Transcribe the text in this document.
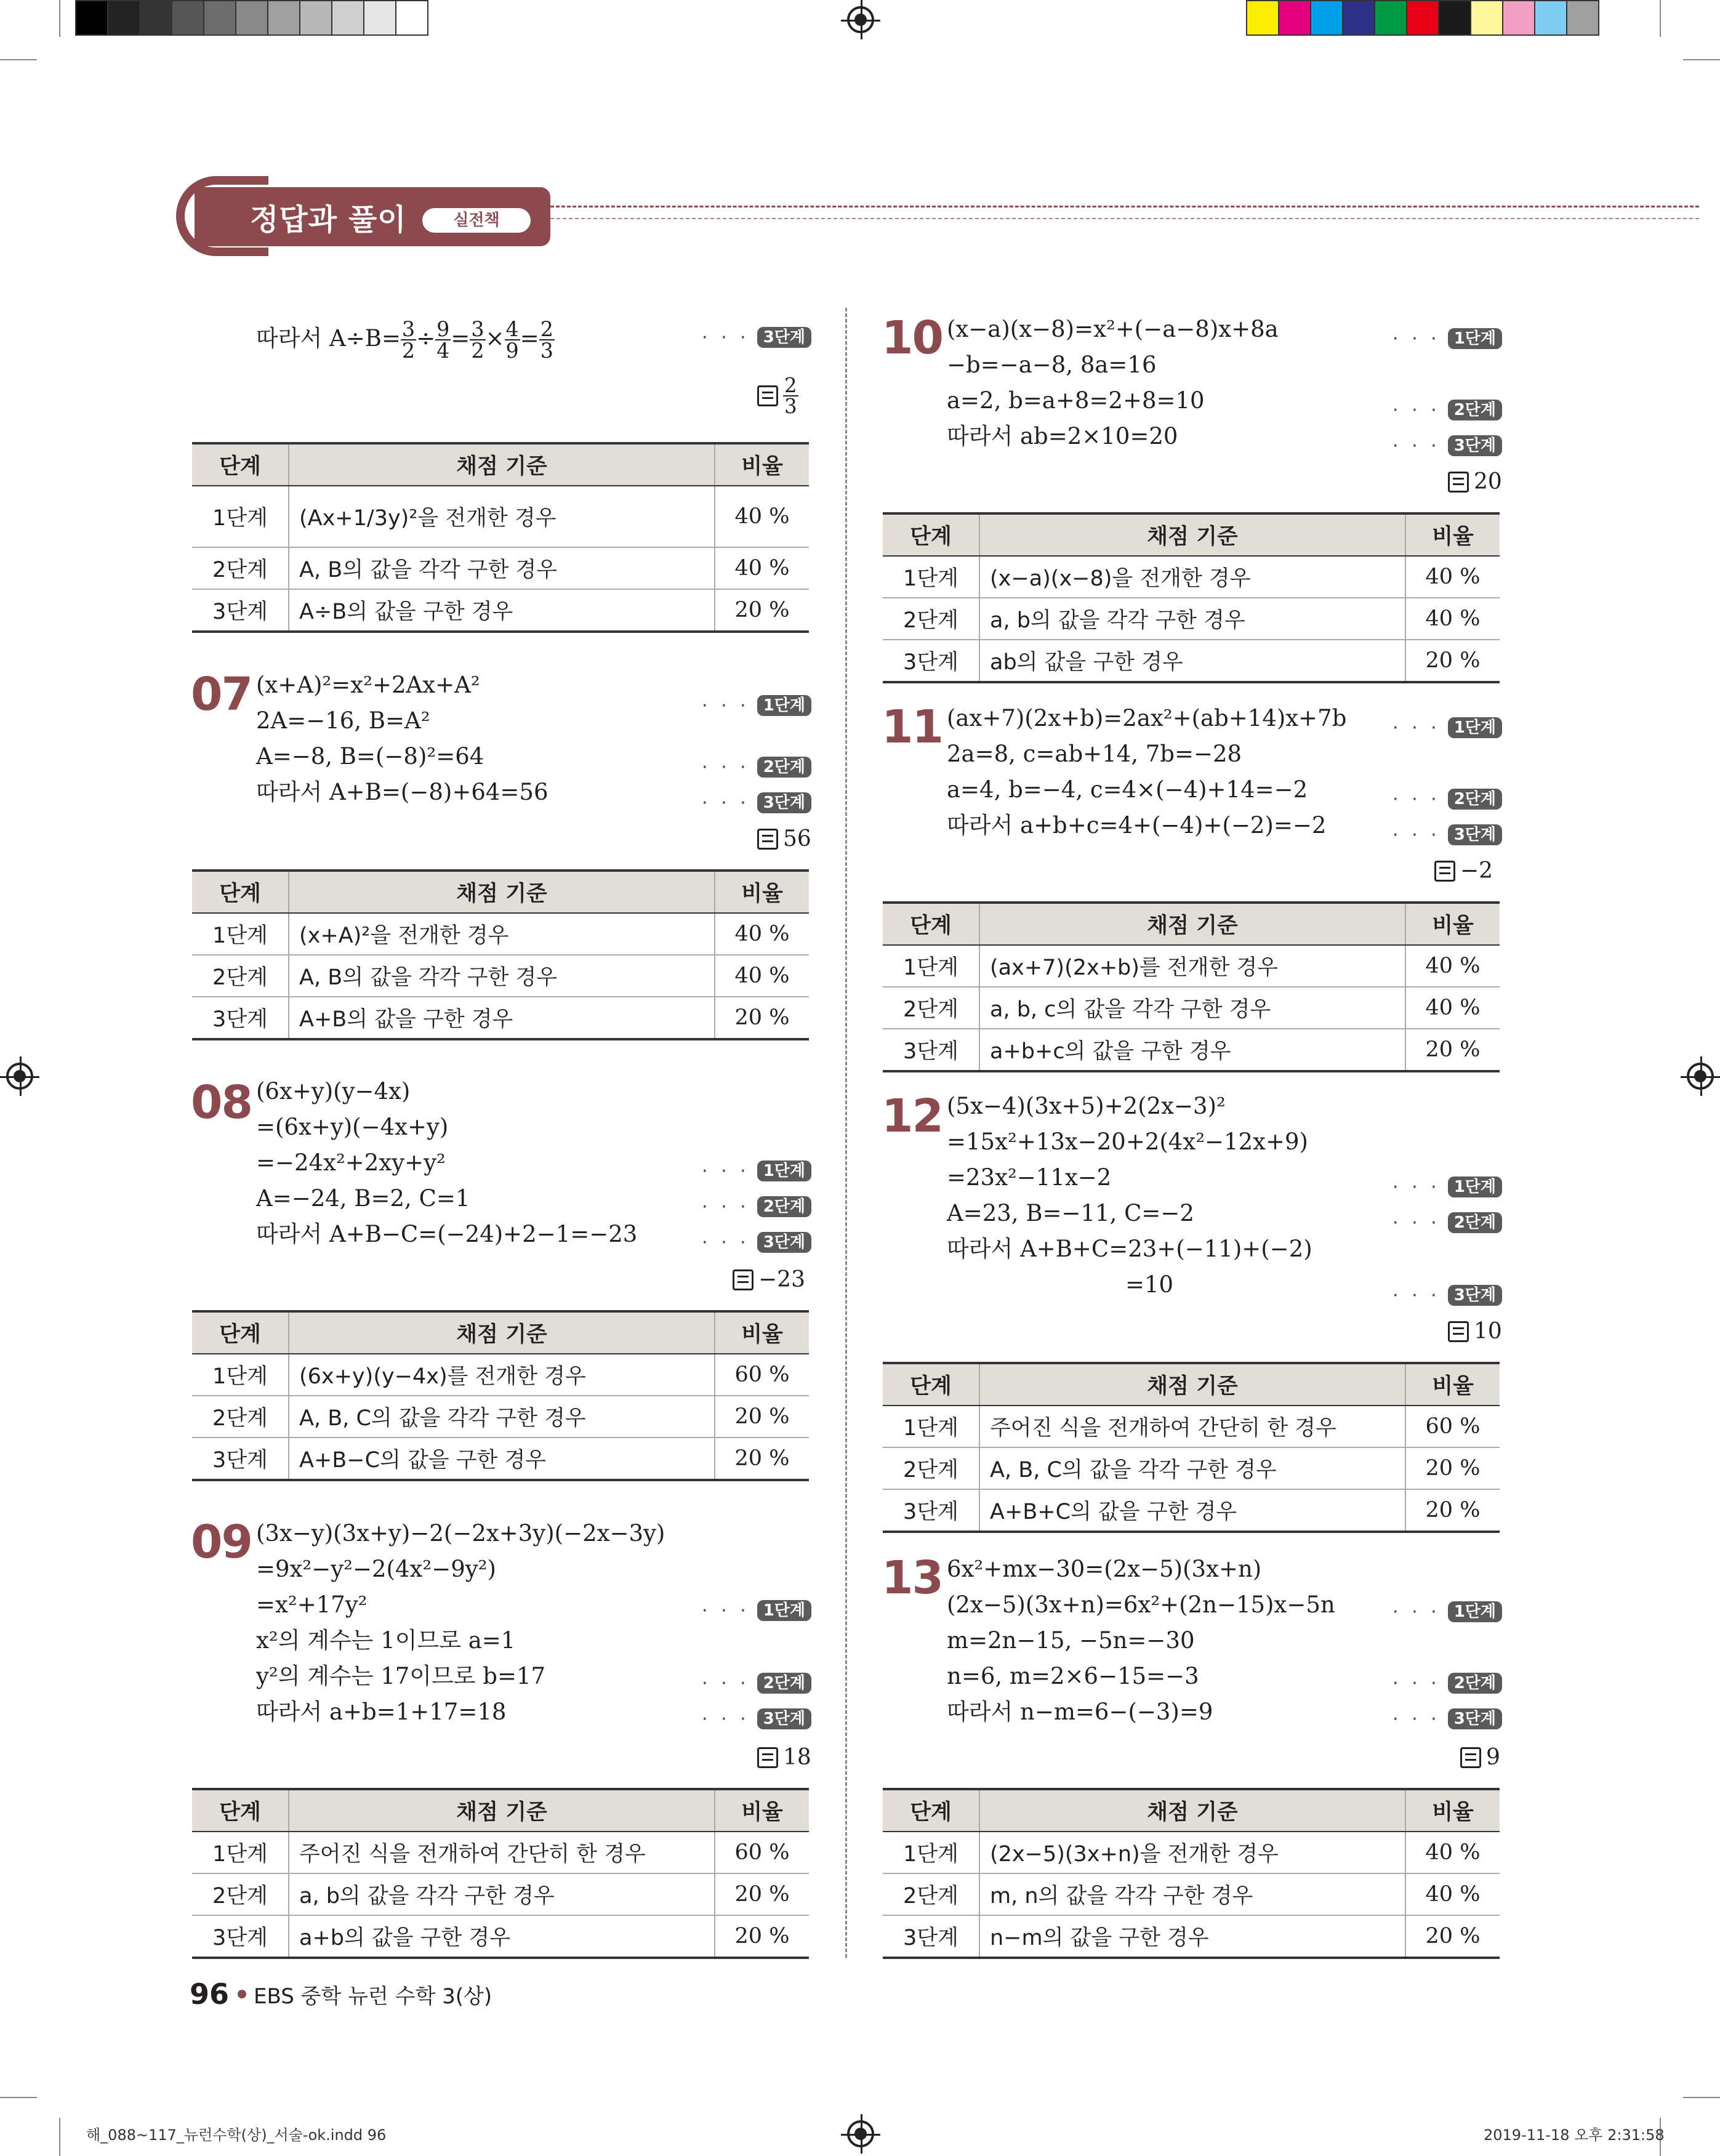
정답과 풀이	실전책
따라서 $A\div B= \frac{3}{2} \div \frac{9}{4} = \frac{3}{2} \times \frac{4}{9} = \frac{2}{3}$	· · · 3단계
$\frac{2}{3}$
단계	채점 기준	비율
1단계	(Ax+1/3y)²을 전개한 경우	40 %
2단계	A, B의 값을 각각 구한 경우	40 %
3단계	A÷B의 값을 구한 경우	20 %
07	· · · 1단계
· · · 2단계
· · · 3단계
56
단계	채점 기준	비율
1단계	(x+A)²을 전개한 경우	40 %
2단계	A, B의 값을 각각 구한 경우	40 %
3단계	A+B의 값을 구한 경우	20 %
08
· · · 1단계
· · · 2단계
· · · 3단계
−23
단계	채점 기준	비율
1단계	(6x+y)(y−4x)를 전개한 경우	60 %
2단계	A, B, C의 값을 각각 구한 경우	20 %
3단계	A+B−C의 값을 구한 경우	20 %
09
· · · 1단계
· · · 2단계
· · · 3단계
18
단계	채점 기준	비율
1단계	주어진 식을 전개하여 간단히 한 경우	60 %
2단계	a, b의 값을 각각 구한 경우	20 %
3단계	a+b의 값을 구한 경우	20 %
10	· · · 1단계
· · · 2단계
· · · 3단계
20
단계	채점 기준	비율
1단계	(x−a)(x−8)을 전개한 경우	40 %
2단계	a, b의 값을 각각 구한 경우	40 %
3단계	ab의 값을 구한 경우	20 %
11	· · · 1단계
· · · 2단계
· · · 3단계
−2
단계	채점 기준	비율
1단계	(ax+7)(2x+b)를 전개한 경우	40 %
2단계	a, b, c의 값을 각각 구한 경우	40 %
3단계	a+b+c의 값을 구한 경우	20 %
12
· · · 1단계
· · · 2단계
· · · 3단계
10
단계	채점 기준	비율
1단계	주어진 식을 전개하여 간단히 한 경우	60 %
2단계	A, B, C의 값을 각각 구한 경우	20 %
3단계	A+B+C의 값을 구한 경우	20 %
13
· · · 1단계
· · · 2단계
· · · 3단계
9
단계	채점 기준	비율
1단계	(2x−5)(3x+n)을 전개한 경우	40 %
2단계	m, n의 값을 각각 구한 경우	40 %
3단계	n−m의 값을 구한 경우	20 %
96 EBS 중학 뉴런 수학 3(상)
해_088~117_뉴런수학(상)_서술-ok.indd 96	2019-11-18 오후 2:31:58
(x+A)²=x²+2Ax+A²
2A=−16, B=A²
A=−8, B=(−8)²=64
따라서 A+B=(−8)+64=56
(6x+y)(y−4x)
=(6x+y)(−4x+y)
=−24x²+2xy+y²
A=−24, B=2, C=1
따라서 A+B−C=(−24)+2−1=−23
(3x−y)(3x+y)−2(−2x+3y)(−2x−3y)
=9x²−y²−2(4x²−9y²)
=x²+17y²
x²의 계수는 1이므로 a=1
y²의 계수는 17이므로 b=17
따라서 a+b=1+17=18
(x−a)(x−8)=x²+(−a−8)x+8a
−b=−a−8, 8a=16
a=2, b=a+8=2+8=10
따라서 ab=2×10=20
(ax+7)(2x+b)=2ax²+(ab+14)x+7b
2a=8, c=ab+14, 7b=−28
a=4, b=−4, c=4×(−4)+14=−2
따라서 a+b+c=4+(−4)+(−2)=−2
(5x−4)(3x+5)+2(2x−3)²
=15x²+13x−20+2(4x²−12x+9)
=23x²−11x−2
A=23, B=−11, C=−2
따라서 A+B+C=23+(−11)+(−2)
=10
6x²+mx−30=(2x−5)(3x+n)
(2x−5)(3x+n)=6x²+(2n−15)x−5n
m=2n−15, −5n=−30
n=6, m=2×6−15=−3
따라서 n−m=6−(−3)=9
